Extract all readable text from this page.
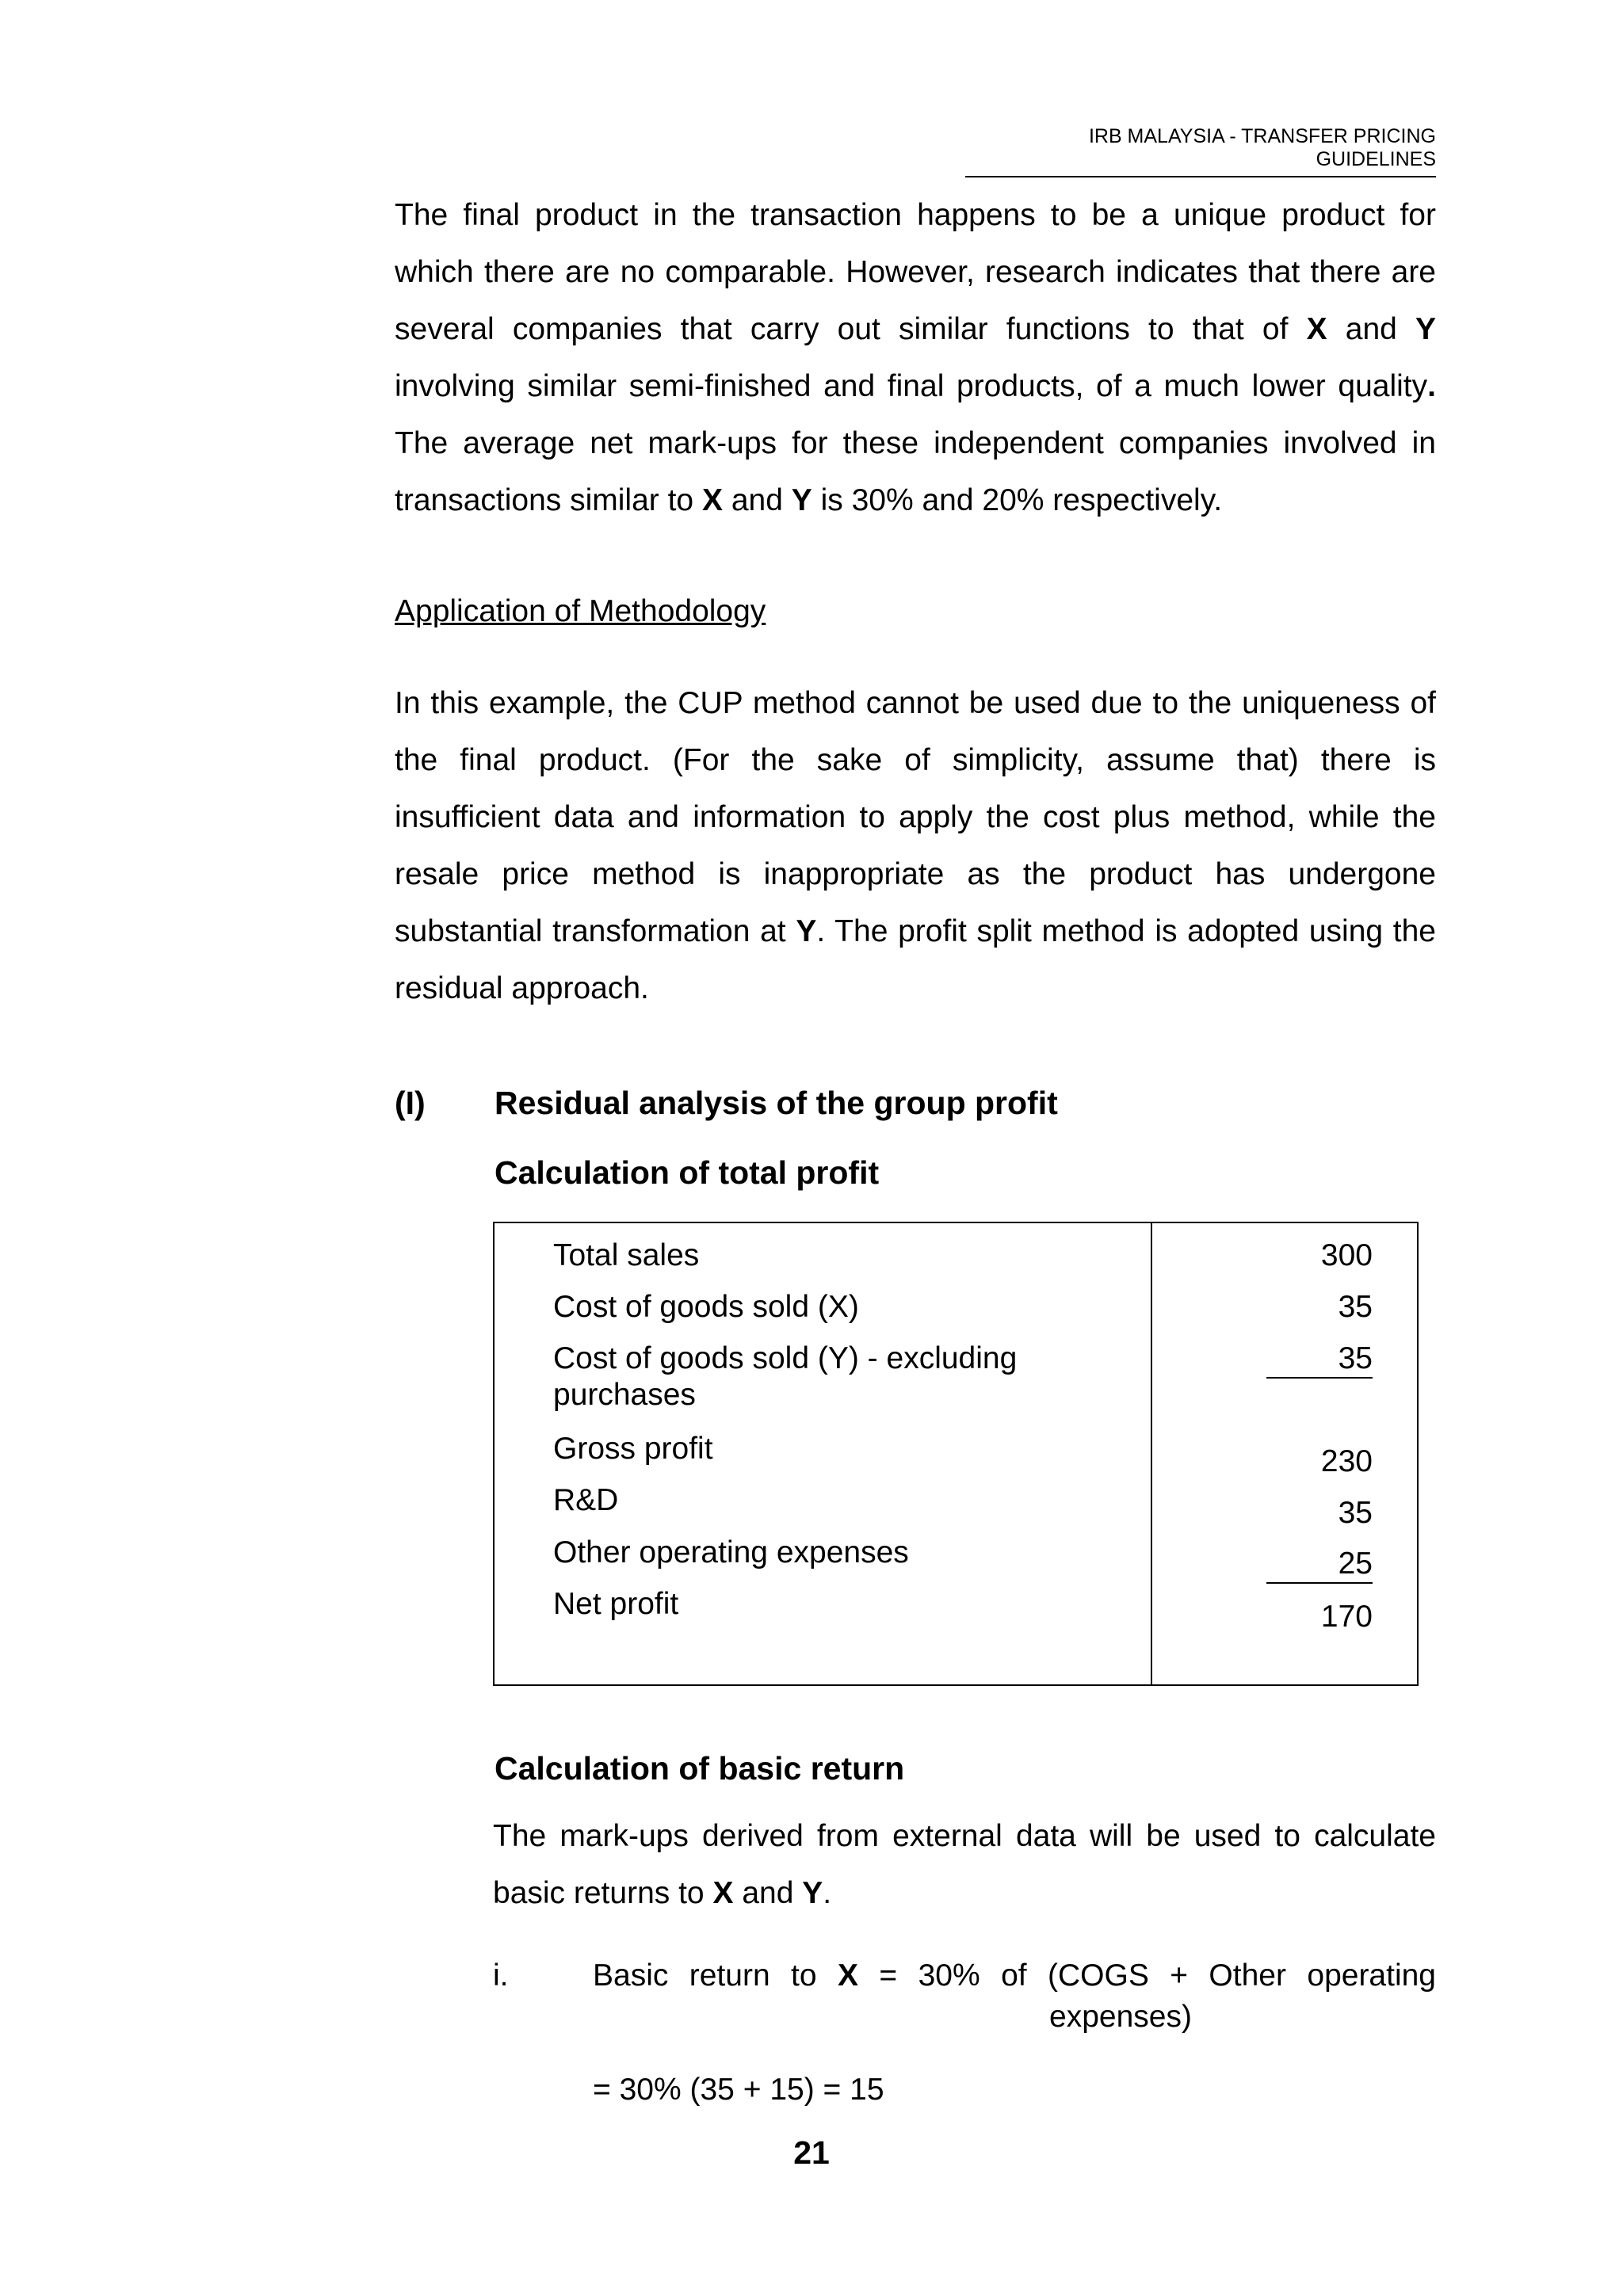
IRB MALAYSIA - TRANSFER PRICING GUIDELINES

The final product in the transaction happens to be a unique product for which there are no comparable. However, research indicates that there are several companies that carry out similar functions to that of X and Y involving similar semi-finished and final products, of a much lower quality. The average net mark-ups for these independent companies involved in transactions similar to X and Y is 30% and 20% respectively.

Application of Methodology

In this example, the CUP method cannot be used due to the uniqueness of the final product. (For the sake of simplicity, assume that) there is insufficient data and information to apply the cost plus method, while the resale price method is inappropriate as the product has undergone substantial transformation at Y. The profit split method is adopted using the residual approach.

(I) Residual analysis of the group profit
Calculation of total profit
Total sales
Cost of goods sold (X)
Cost of goods sold (Y) - excluding purchases
Gross profit
R&D
Other operating expenses
Net profit
300
35
35
230
35
25
170
Calculation of basic return

The mark-ups derived from external data will be used to calculate basic returns to X and Y.

i.	Basic return to X = 30% of (COGS + Other operating
expenses)
= 30% (35 + 15) = 15
21
